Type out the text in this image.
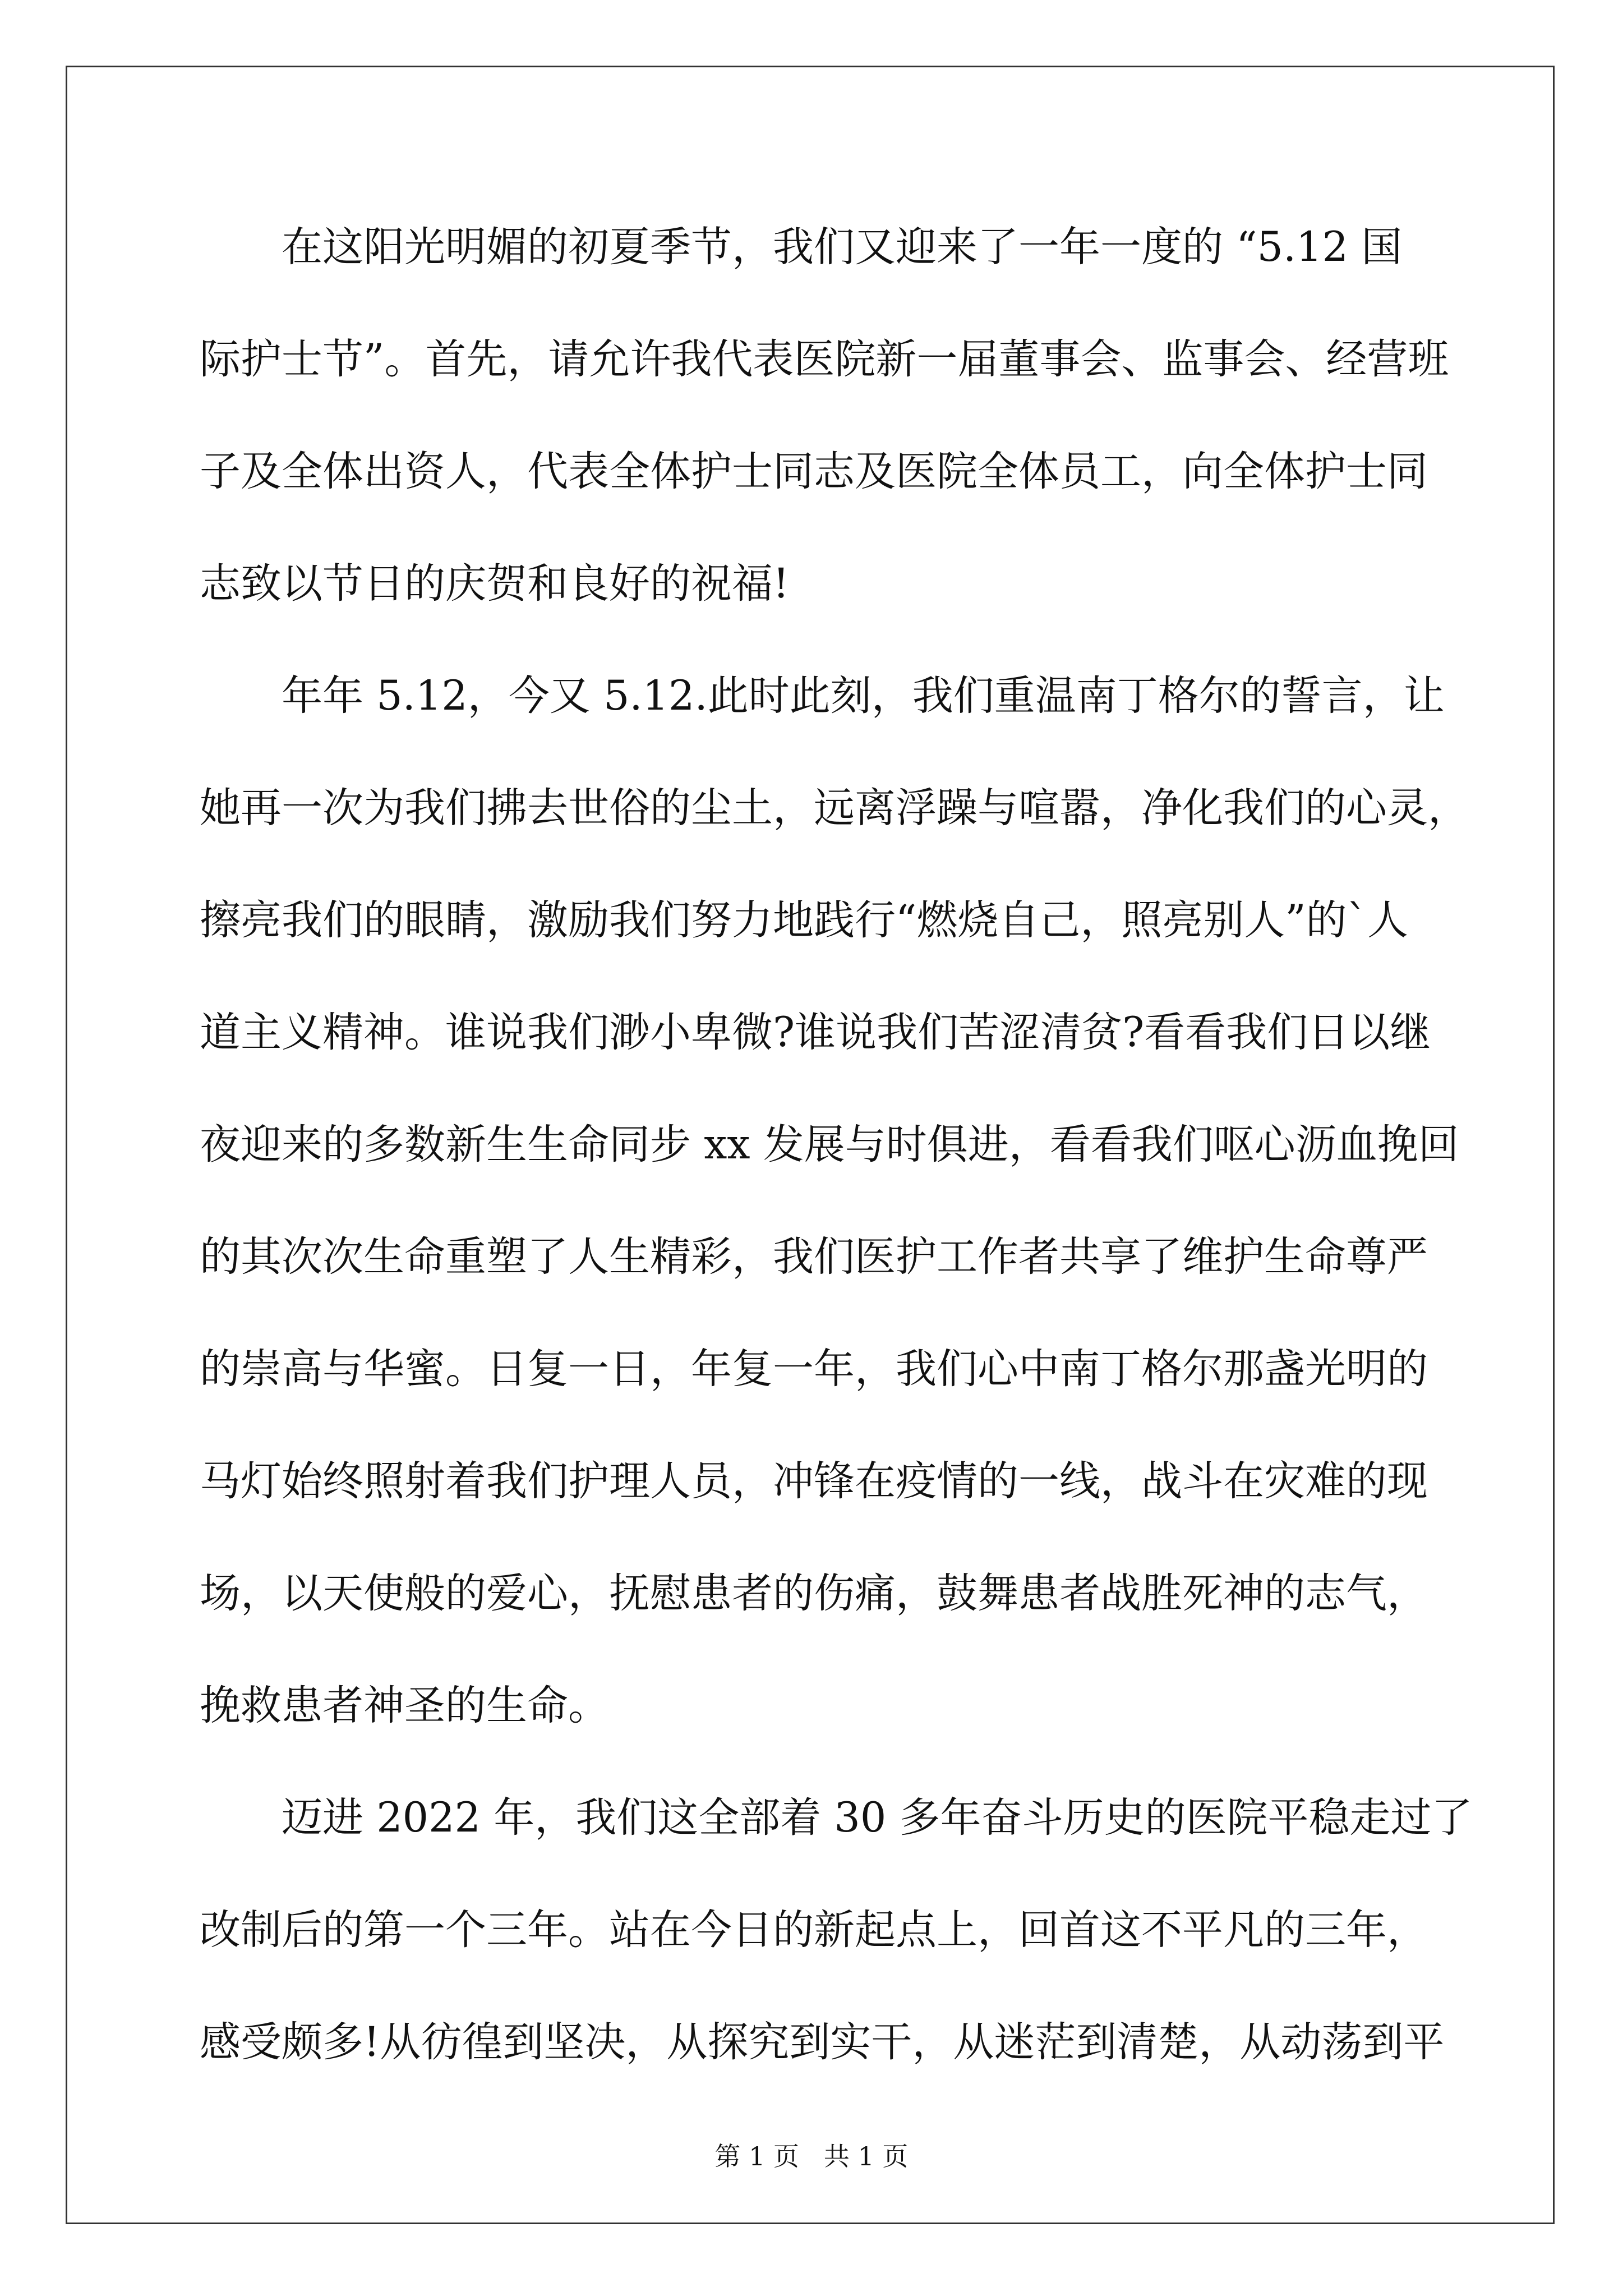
在这阳光明媚的初夏季节，我们又迎来了一年一度的 “5.12 国
际护士节”。首先，请允许我代表医院新一届董事会、监事会、经营班
子及全体出资人，代表全体护士同志及医院全体员工，向全体护士同
志致以节日的庆贺和良好的祝福!
年年 5.12，今又 5.12.此时此刻，我们重温南丁格尔的誓言，让
她再一次为我们拂去世俗的尘土，远离浮躁与喧嚣，净化我们的心灵，
擦亮我们的眼睛，激励我们努力地践行“燃烧自己，照亮别人”的`人
道主义精神。谁说我们渺小卑微?谁说我们苦涩清贫?看看我们日以继
夜迎来的多数新生生命同步 xx 发展与时俱进，看看我们呕心沥血挽回
的其次次生命重塑了人生精彩，我们医护工作者共享了维护生命尊严
的崇高与华蜜。日复一日，年复一年，我们心中南丁格尔那盏光明的
马灯始终照射着我们护理人员，冲锋在疫情的一线，战斗在灾难的现
场，以天使般的爱心，抚慰患者的伤痛，鼓舞患者战胜死神的志气，
挽救患者神圣的生命。
迈进 2022 年，我们这全部着 30 多年奋斗历史的医院平稳走过了
改制后的第一个三年。站在今日的新起点上，回首这不平凡的三年，
感受颇多!从彷徨到坚决，从探究到实干，从迷茫到清楚，从动荡到平
第 1 页   共 1 页
